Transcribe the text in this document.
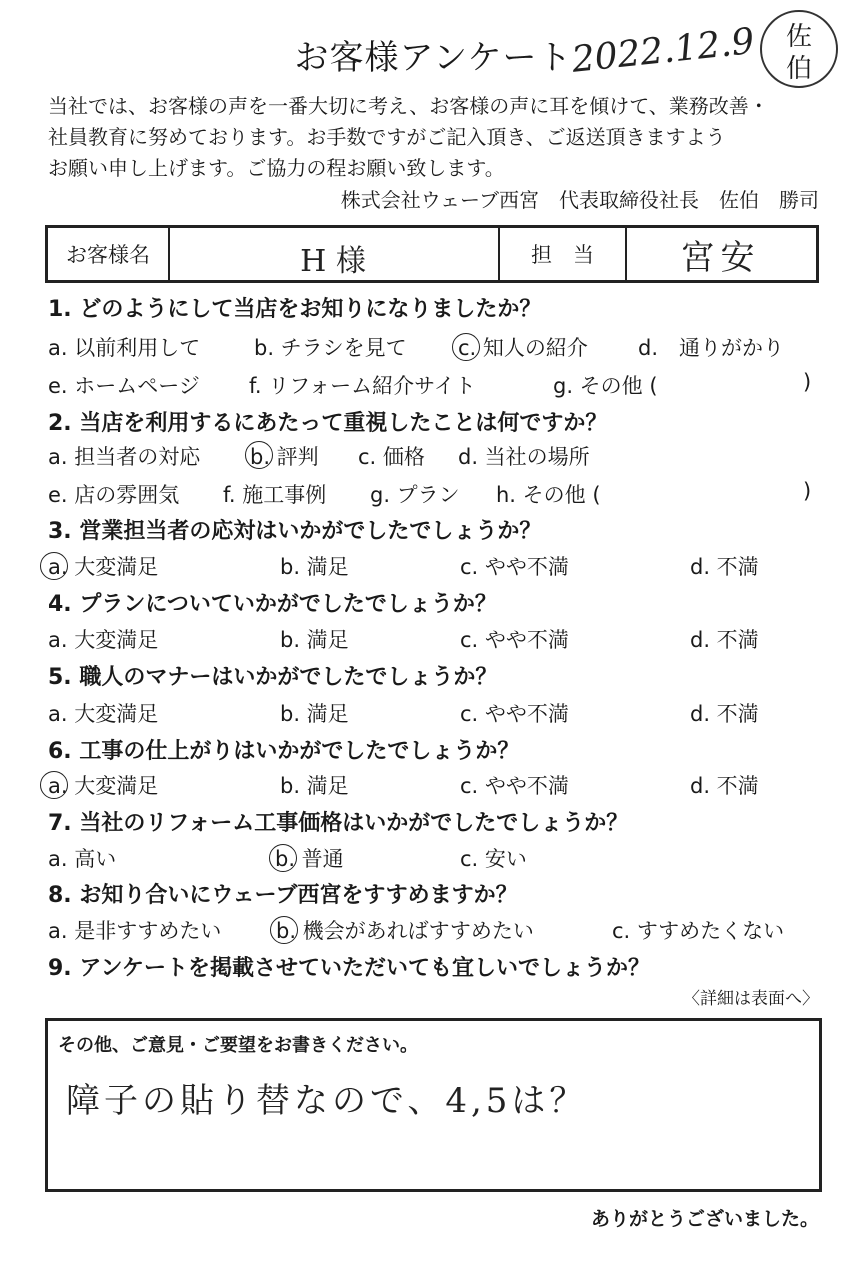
お客様アンケート
2022.12.9	佐
伯
当社では、お客様の声を一番大切に考え、お客様の声に耳を傾けて、業務改善・
社員教育に努めております。お手数ですがご記入頂き、ご返送頂きますよう
お願い申し上げます。ご協力の程お願い致します。
株式会社ウェーブ西宮　代表取締役社長　佐伯　勝司
お客様名	H 様	担　当	宮安
1. どのようにして当店をお知りになりましたか？
a. 以前利用して	b. チラシを見て c. 知人の紹介 d.　通りがかり
e. ホームページ f. リフォーム紹介サイト	g. その他 (	)
2. 当店を利用するにあたって重視したことは何ですか？
a. 担当者の対応 b. 評判 c. 価格 d. 当社の場所
e. 店の雰囲気 f. 施工事例 g. プラン h. その他 (	)
3. 営業担当者の応対はいかがでしたでしょうか？
a. 大変満足	b. 満足	c. やや不満	d. 不満
4. プランについていかがでしたでしょうか？
a. 大変満足	b. 満足	c. やや不満	d. 不満
5. 職人のマナーはいかがでしたでしょうか？
a. 大変満足	b. 満足	c. やや不満	d. 不満
6. 工事の仕上がりはいかがでしたでしょうか？
a. 大変満足	b. 満足	c. やや不満	d. 不満
7. 当社のリフォーム工事価格はいかがでしたでしょうか？
a. 高い	b. 普通	c. 安い
8. お知り合いにウェーブ西宮をすすめますか？
a. 是非すすめたい	b. 機会があればすすめたい	c. すすめたくない
9. アンケートを掲載させていただいても宜しいでしょうか？
〈詳細は表面へ〉
その他、ご意見・ご要望をお書きください。
障子の貼り替なので、4,5は？
ありがとうございました。
